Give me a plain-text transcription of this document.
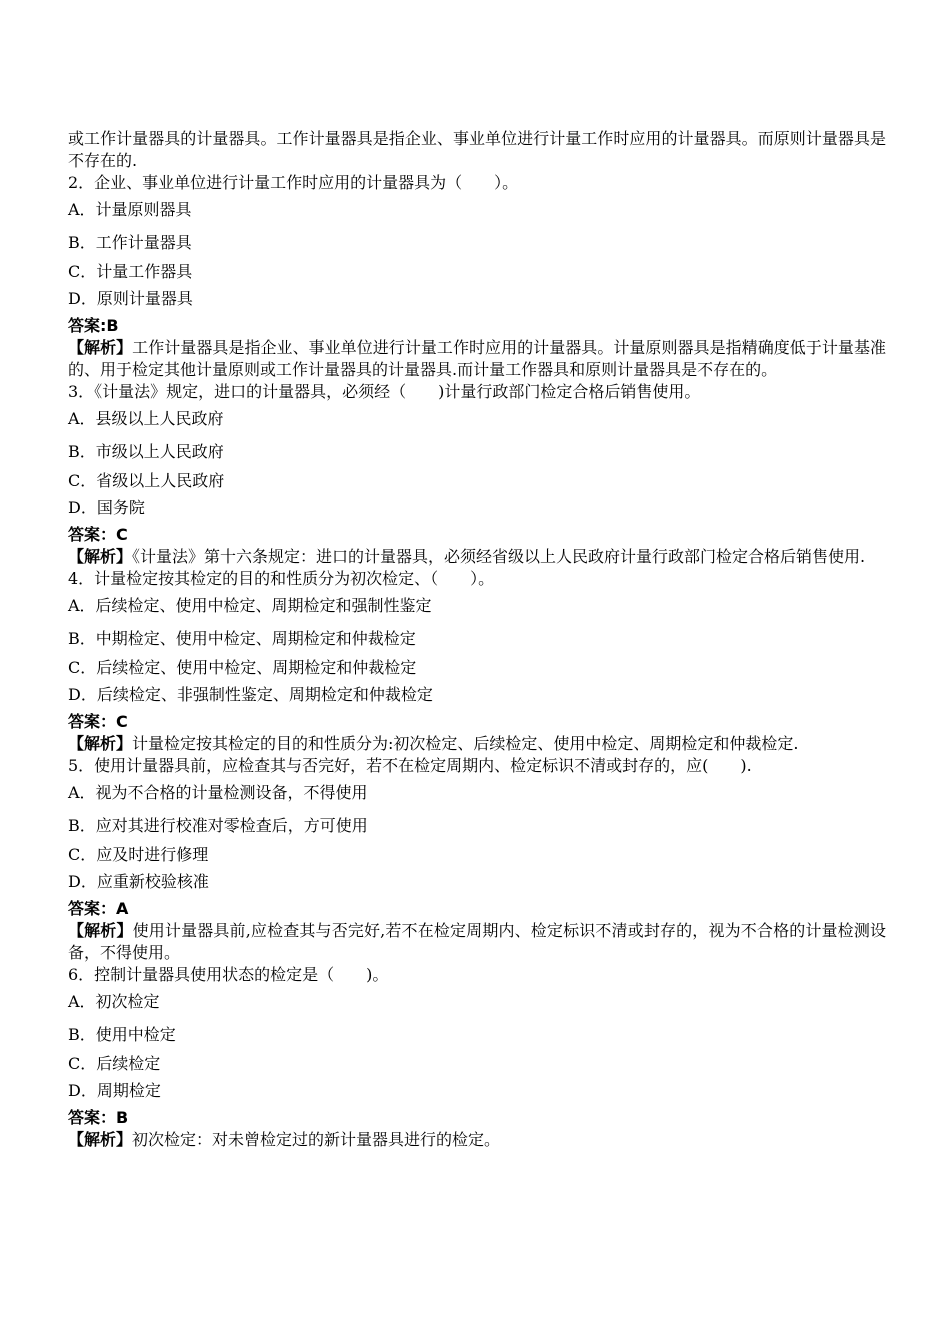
或工作计量器具的计量器具。工作计量器具是指企业、事业单位进行计量工作时应用的计量器具。而原则计量器具是不存在的.
2．企业、事业单位进行计量工作时应用的计量器具为（　　）。
A．计量原则器具
B．工作计量器具
C．计量工作器具
D．原则计量器具
答案:B
【解析】工作计量器具是指企业、事业单位进行计量工作时应用的计量器具。计量原则器具是指精确度低于计量基准的、用于检定其他计量原则或工作计量器具的计量器具.而计量工作器具和原则计量器具是不存在的。
3．《计量法》规定，进口的计量器具，必须经（　　)计量行政部门检定合格后销售使用。
A．县级以上人民政府
B．市级以上人民政府
C．省级以上人民政府
D．国务院
答案：C
【解析】《计量法》第十六条规定：进口的计量器具，必须经省级以上人民政府计量行政部门检定合格后销售使用.
4．计量检定按其检定的目的和性质分为初次检定、（　　）。
A．后续检定、使用中检定、周期检定和强制性鉴定
B．中期检定、使用中检定、周期检定和仲裁检定
C．后续检定、使用中检定、周期检定和仲裁检定
D．后续检定、非强制性鉴定、周期检定和仲裁检定
答案：C
【解析】计量检定按其检定的目的和性质分为:初次检定、后续检定、使用中检定、周期检定和仲裁检定.
5．使用计量器具前，应检查其与否完好，若不在检定周期内、检定标识不清或封存的，应(　　).
A．视为不合格的计量检测设备，不得使用
B．应对其进行校准对零检查后，方可使用
C．应及时进行修理
D．应重新校验核准
答案：A
【解析】使用计量器具前,应检查其与否完好,若不在检定周期内、检定标识不清或封存的，视为不合格的计量检测设备，不得使用。
6．控制计量器具使用状态的检定是（　　)。
A．初次检定
B．使用中检定
C．后续检定
D．周期检定
答案：B
【解析】初次检定：对未曾检定过的新计量器具进行的检定。
